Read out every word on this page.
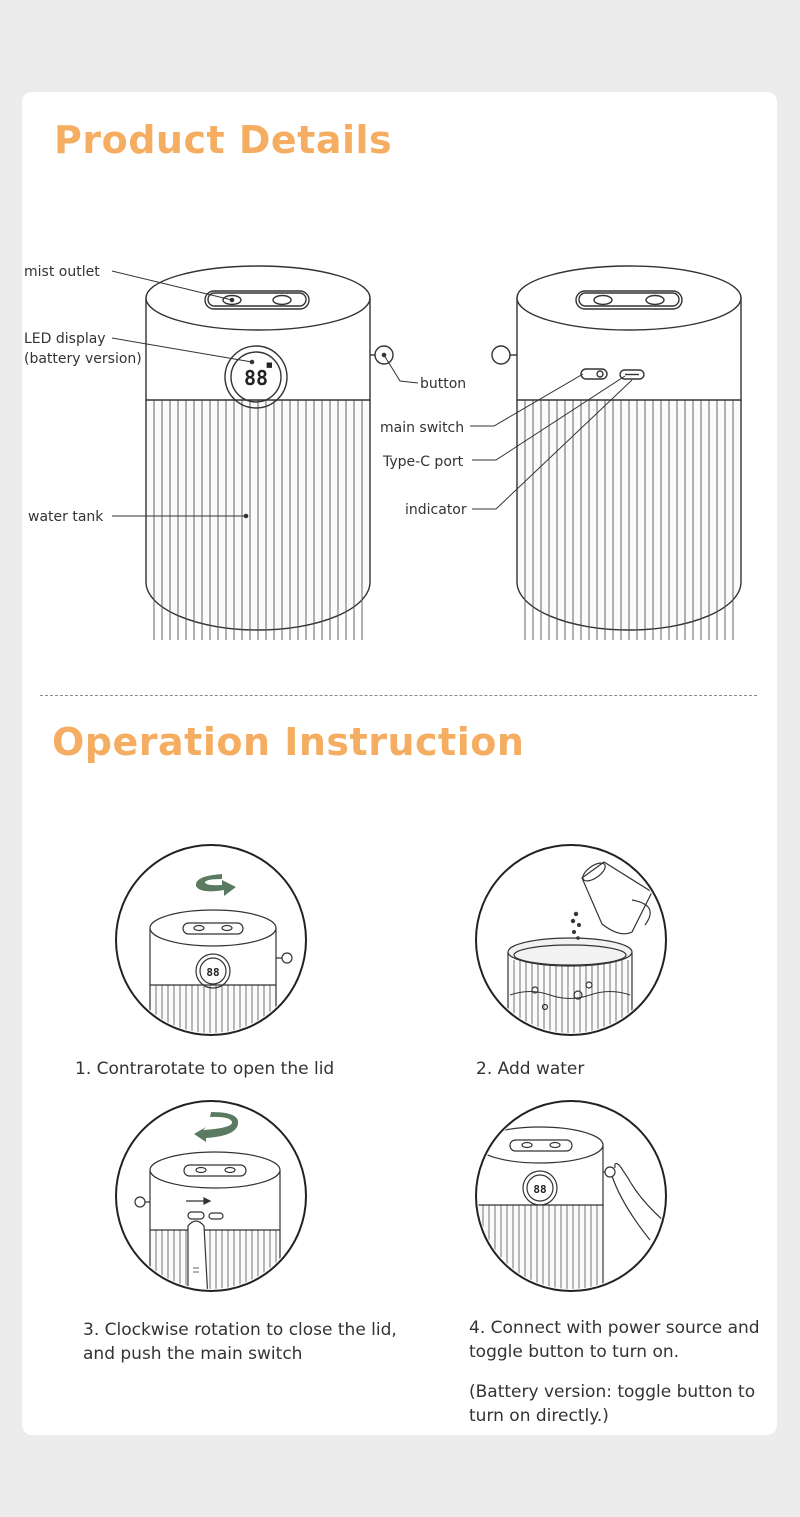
Product Details
88
■
mist outlet
LED display
(battery version)
water tank
button
main switch
Type-C port
indicator
Operation Instruction
88
88
1. Contrarotate to open the lid	2. Add water
3. Clockwise rotation to close the lid,
and push the main switch
4. Connect with power source and
toggle button to turn on.
(Battery version: toggle button to
turn on directly.)
